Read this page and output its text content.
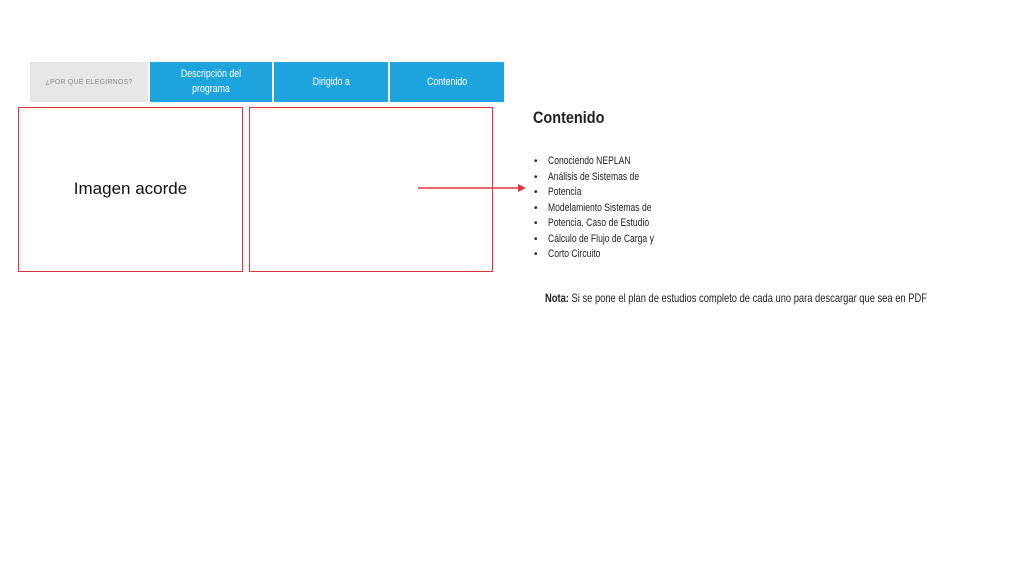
¿POR QUÉ ELEGIRNOS?
Descripción del programa
Dirigido a	Contenido
Imagen acorde
Contenido
• Conociendo NEPLAN
• Análisis de Sistemas de
• Potencia
• Modelamiento Sistemas de
• Potencia. Caso de Estudio
• Cálculo de Flujo de Carga y
• Corto Circuito
Nota: Si se pone el plan de estudios completo de cada uno para descargar que sea en PDF
